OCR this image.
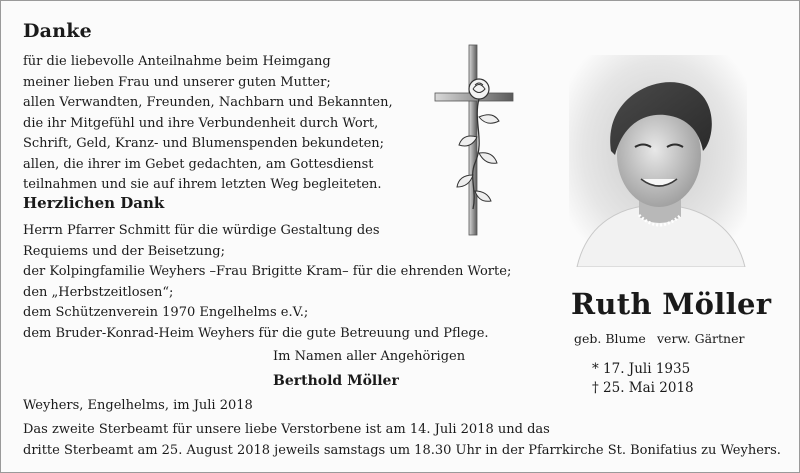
Danke
für die liebevolle Anteilnahme beim Heimgang
meiner lieben Frau und unserer guten Mutter;
allen Verwandten, Freunden, Nachbarn und Bekannten,
die ihr Mitgefühl und ihre Verbundenheit durch Wort,
Schrift, Geld, Kranz- und Blumenspenden bekundeten;
allen, die ihrer im Gebet gedachten, am Gottesdienst
teilnahmen und sie auf ihrem letzten Weg begleiteten.
Herzlichen Dank
Herrn Pfarrer Schmitt für die würdige Gestaltung des
Requiems und der Beisetzung;
der Kolpingfamilie Weyhers –Frau Brigitte Kram– für die ehrenden Worte;
den „Herbstzeitlosen“;
dem Schützenverein 1970 Engelhelms e.V.;
dem Bruder-Konrad-Heim Weyhers für die gute Betreuung und Pflege.
Im Namen aller Angehörigen
Berthold Möller
Weyhers, Engelhelms, im Juli 2018
Das zweite Sterbeamt für unsere liebe Verstorbene ist am 14. Juli 2018 und das
dritte Sterbeamt am 25. August 2018 jeweils samstags um 18.30 Uhr in der Pfarrkirche St. Bonifatius zu Weyhers.
Ruth Möller
geb. Blume verw. Gärtner
* 17. Juli 1935
† 25. Mai 2018
